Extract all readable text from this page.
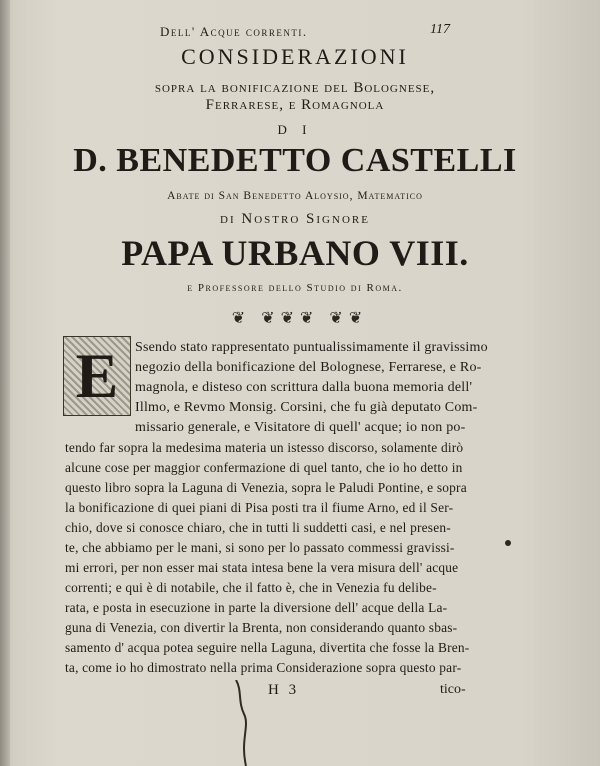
Dell' Acque correnti.	117
CONSIDERAZIONI
sopra la bonificazione del Bolognese,
Ferrarese, e Romagnola
D I
D. BENEDETTO CASTELLI
Abate di San Benedetto Aloysio, Matematico
di Nostro Signore
PAPA URBANO VIII.
e Professore dello Studio di Roma.
❦ ❦❦❦ ❦❦
E	Ssendo stato rappresentato puntualissimamente il gravissimo
negozio della bonificazione del Bolognese, Ferrarese, e Ro-
magnola, e distesо con scrittura dalla buona memoria dell'
Illmo, e Revmo Monsig. Corsini, che fu già deputato Com-
missario generale, e Visitatore di quell' acque; io non po-
tendo far sopra la medesima materia un istesso discorso, solamente dirò
alcune cose per maggior confermazione di quel tanto, che io ho detto in
questo libro sopra la Laguna di Venezia, sopra le Paludi Pontine, e sopra
la bonificazione di quei piani di Pisa posti tra il fiume Arno, ed il Ser-
chio, dove si conosce chiaro, che in tutti li suddetti casi, e nel presen-
te, che abbiamo per le mani, si sono per lo passato commessi gravissi-
mi errori, per non esser mai stata intesa bene la vera misura dell' acque
correnti; e qui è di notabile, che il fatto è, che in Venezia fu delibe-
rata, e posta in esecuzione in parte la diversione dell' acque della La-
guna di Venezia, con divertir la Brenta, non considerando quanto sbas-
samento d' acqua potea seguire nella Laguna, divertita che fosse la Bren-
ta, come io ho dimostrato nella prima Considerazione sopra questo par-
H 3	tico-
